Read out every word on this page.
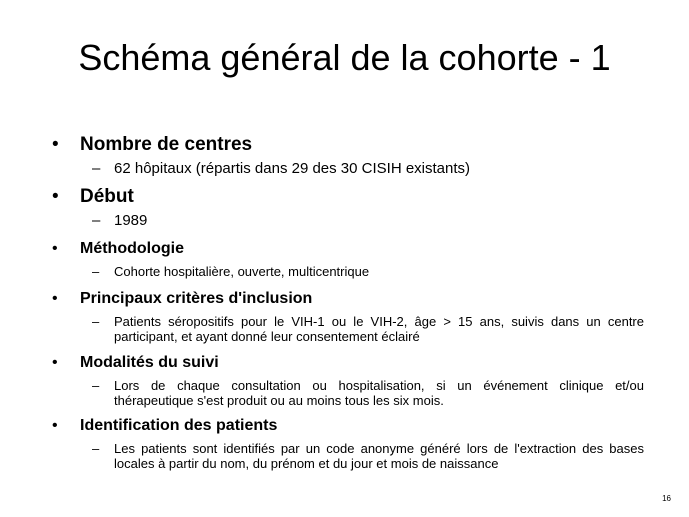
Schéma général de la cohorte - 1
• Nombre de centres
– 62 hôpitaux (répartis dans 29 des 30 CISIH existants)
• Début
– 1989
• Méthodologie
– Cohorte hospitalière, ouverte, multicentrique
• Principaux critères d'inclusion
– Patients séropositifs pour le VIH-1 ou le VIH-2, âge > 15 ans, suivis dans un centre participant, et ayant donné leur consentement éclairé
• Modalités du suivi
– Lors de chaque consultation ou hospitalisation, si un événement clinique et/ou thérapeutique s'est produit ou au moins tous les six mois.
• Identification des patients
– Les patients sont identifiés par un code anonyme généré lors de l'extraction des bases locales à partir du nom, du prénom et du jour et mois de naissance
16
